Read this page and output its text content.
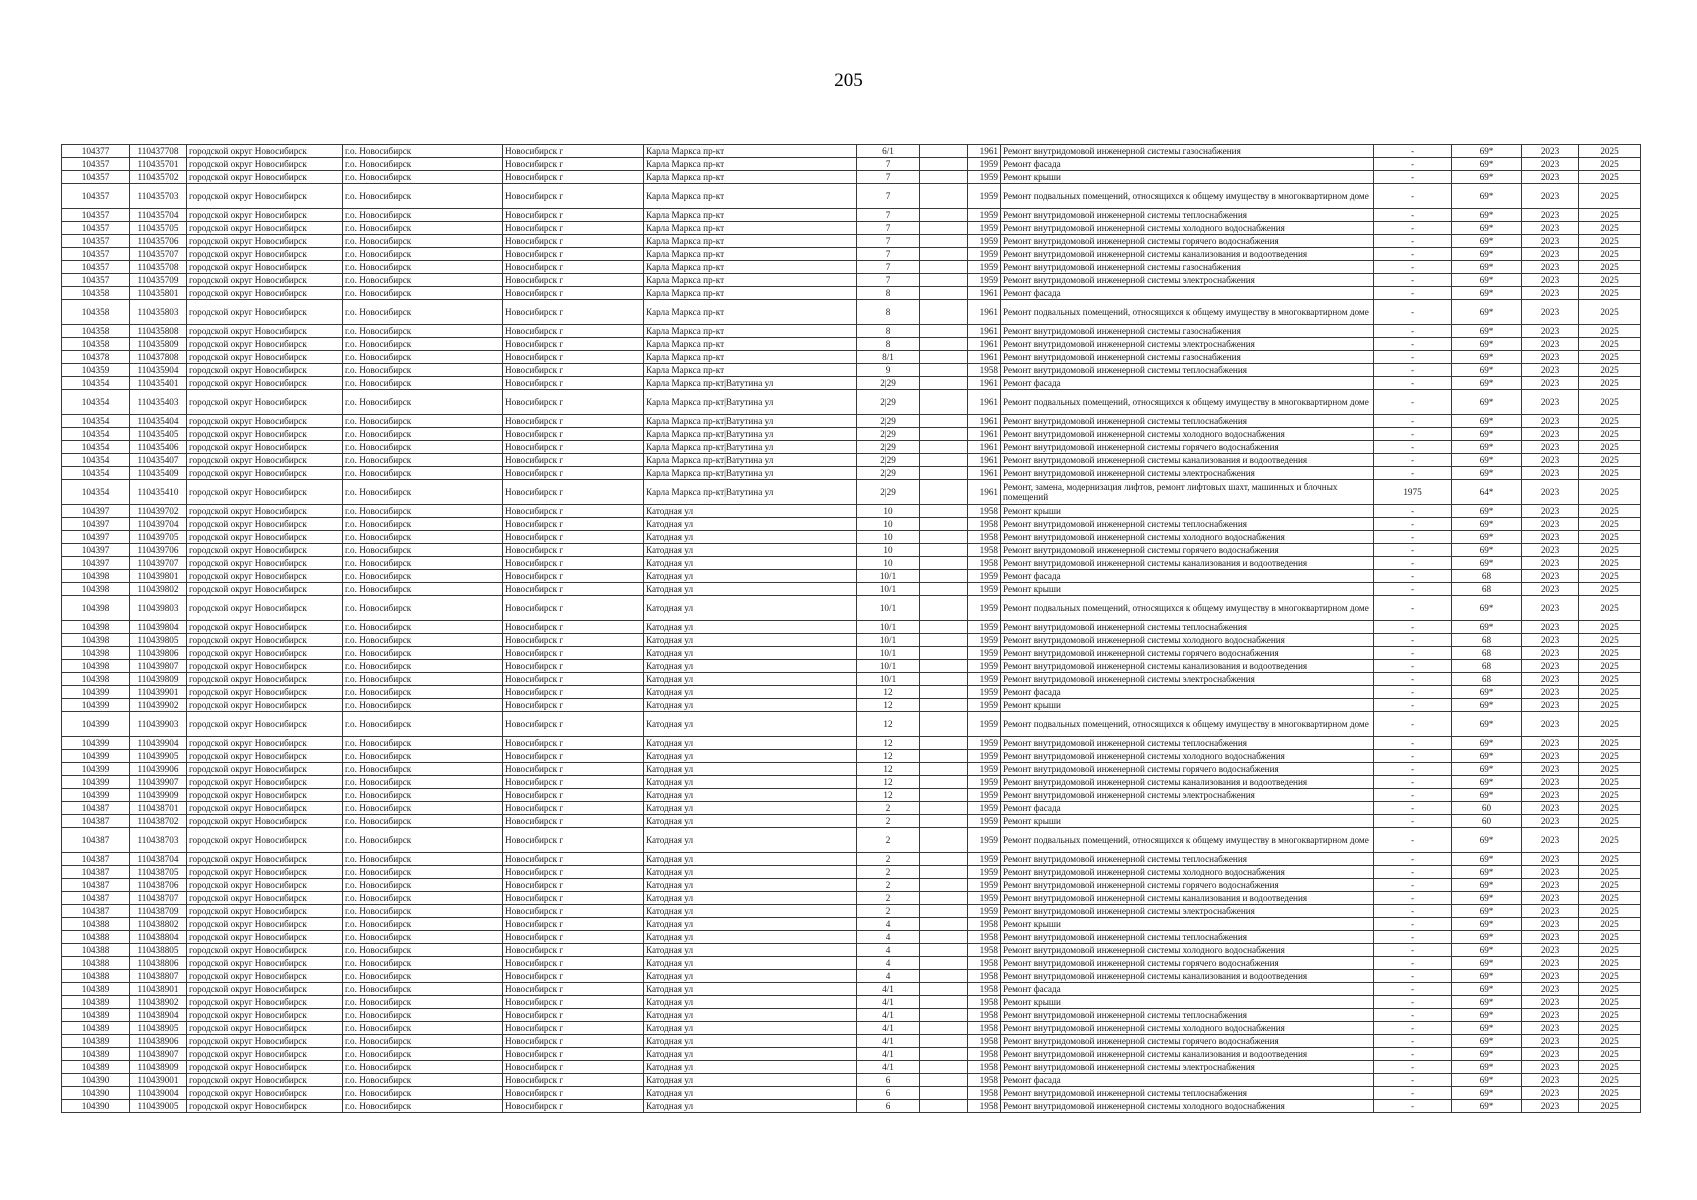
205
104377	110437708	городской округ Новосибирск	г.о. Новосибирск	Новосибирск г	Карла Маркса пр-кт	6/1		1961	Ремонт внутридомовой инженерной системы газоснабжения	-	69*	2023	2025
104357	110435701	городской округ Новосибирск	г.о. Новосибирск	Новосибирск г	Карла Маркса пр-кт	7		1959	Ремонт фасада	-	69*	2023	2025
104357	110435702	городской округ Новосибирск	г.о. Новосибирск	Новосибирск г	Карла Маркса пр-кт	7		1959	Ремонт крыши	-	69*	2023	2025
104357	110435703	городской округ Новосибирск	г.о. Новосибирск	Новосибирск г	Карла Маркса пр-кт	7		1959	Ремонт подвальных помещений, относящихся к общему имуществу в многоквартирном доме	-	69*	2023	2025
104357	110435704	городской округ Новосибирск	г.о. Новосибирск	Новосибирск г	Карла Маркса пр-кт	7		1959	Ремонт внутридомовой инженерной системы теплоснабжения	-	69*	2023	2025
104357	110435705	городской округ Новосибирск	г.о. Новосибирск	Новосибирск г	Карла Маркса пр-кт	7		1959	Ремонт внутридомовой инженерной системы холодного водоснабжения	-	69*	2023	2025
104357	110435706	городской округ Новосибирск	г.о. Новосибирск	Новосибирск г	Карла Маркса пр-кт	7		1959	Ремонт внутридомовой инженерной системы горячего водоснабжения	-	69*	2023	2025
104357	110435707	городской округ Новосибирск	г.о. Новосибирск	Новосибирск г	Карла Маркса пр-кт	7		1959	Ремонт внутридомовой инженерной системы канализования и водоотведения	-	69*	2023	2025
104357	110435708	городской округ Новосибирск	г.о. Новосибирск	Новосибирск г	Карла Маркса пр-кт	7		1959	Ремонт внутридомовой инженерной системы газоснабжения	-	69*	2023	2025
104357	110435709	городской округ Новосибирск	г.о. Новосибирск	Новосибирск г	Карла Маркса пр-кт	7		1959	Ремонт внутридомовой инженерной системы электроснабжения	-	69*	2023	2025
104358	110435801	городской округ Новосибирск	г.о. Новосибирск	Новосибирск г	Карла Маркса пр-кт	8		1961	Ремонт фасада	-	69*	2023	2025
104358	110435803	городской округ Новосибирск	г.о. Новосибирск	Новосибирск г	Карла Маркса пр-кт	8		1961	Ремонт подвальных помещений, относящихся к общему имуществу в многоквартирном доме	-	69*	2023	2025
104358	110435808	городской округ Новосибирск	г.о. Новосибирск	Новосибирск г	Карла Маркса пр-кт	8		1961	Ремонт внутридомовой инженерной системы газоснабжения	-	69*	2023	2025
104358	110435809	городской округ Новосибирск	г.о. Новосибирск	Новосибирск г	Карла Маркса пр-кт	8		1961	Ремонт внутридомовой инженерной системы электроснабжения	-	69*	2023	2025
104378	110437808	городской округ Новосибирск	г.о. Новосибирск	Новосибирск г	Карла Маркса пр-кт	8/1		1961	Ремонт внутридомовой инженерной системы газоснабжения	-	69*	2023	2025
104359	110435904	городской округ Новосибирск	г.о. Новосибирск	Новосибирск г	Карла Маркса пр-кт	9		1958	Ремонт внутридомовой инженерной системы теплоснабжения	-	69*	2023	2025
104354	110435401	городской округ Новосибирск	г.о. Новосибирск	Новосибирск г	Карла Маркса пр-кт|Ватутина ул	2|29		1961	Ремонт фасада	-	69*	2023	2025
104354	110435403	городской округ Новосибирск	г.о. Новосибирск	Новосибирск г	Карла Маркса пр-кт|Ватутина ул	2|29		1961	Ремонт подвальных помещений, относящихся к общему имуществу в многоквартирном доме	-	69*	2023	2025
104354	110435404	городской округ Новосибирск	г.о. Новосибирск	Новосибирск г	Карла Маркса пр-кт|Ватутина ул	2|29		1961	Ремонт внутридомовой инженерной системы теплоснабжения	-	69*	2023	2025
104354	110435405	городской округ Новосибирск	г.о. Новосибирск	Новосибирск г	Карла Маркса пр-кт|Ватутина ул	2|29		1961	Ремонт внутридомовой инженерной системы холодного водоснабжения	-	69*	2023	2025
104354	110435406	городской округ Новосибирск	г.о. Новосибирск	Новосибирск г	Карла Маркса пр-кт|Ватутина ул	2|29		1961	Ремонт внутридомовой инженерной системы горячего водоснабжения	-	69*	2023	2025
104354	110435407	городской округ Новосибирск	г.о. Новосибирск	Новосибирск г	Карла Маркса пр-кт|Ватутина ул	2|29		1961	Ремонт внутридомовой инженерной системы канализования и водоотведения	-	69*	2023	2025
104354	110435409	городской округ Новосибирск	г.о. Новосибирск	Новосибирск г	Карла Маркса пр-кт|Ватутина ул	2|29		1961	Ремонт внутридомовой инженерной системы электроснабжения	-	69*	2023	2025
104354	110435410	городской округ Новосибирск	г.о. Новосибирск	Новосибирск г	Карла Маркса пр-кт|Ватутина ул	2|29		1961	Ремонт, замена, модернизация лифтов, ремонт лифтовых шахт, машинных и блочных помещений	1975	64*	2023	2025
104397	110439702	городской округ Новосибирск	г.о. Новосибирск	Новосибирск г	Катодная ул	10		1958	Ремонт крыши	-	69*	2023	2025
104397	110439704	городской округ Новосибирск	г.о. Новосибирск	Новосибирск г	Катодная ул	10		1958	Ремонт внутридомовой инженерной системы теплоснабжения	-	69*	2023	2025
104397	110439705	городской округ Новосибирск	г.о. Новосибирск	Новосибирск г	Катодная ул	10		1958	Ремонт внутридомовой инженерной системы холодного водоснабжения	-	69*	2023	2025
104397	110439706	городской округ Новосибирск	г.о. Новосибирск	Новосибирск г	Катодная ул	10		1958	Ремонт внутридомовой инженерной системы горячего водоснабжения	-	69*	2023	2025
104397	110439707	городской округ Новосибирск	г.о. Новосибирск	Новосибирск г	Катодная ул	10		1958	Ремонт внутридомовой инженерной системы канализования и водоотведения	-	69*	2023	2025
104398	110439801	городской округ Новосибирск	г.о. Новосибирск	Новосибирск г	Катодная ул	10/1		1959	Ремонт фасада	-	68	2023	2025
104398	110439802	городской округ Новосибирск	г.о. Новосибирск	Новосибирск г	Катодная ул	10/1		1959	Ремонт крыши	-	68	2023	2025
104398	110439803	городской округ Новосибирск	г.о. Новосибирск	Новосибирск г	Катодная ул	10/1		1959	Ремонт подвальных помещений, относящихся к общему имуществу в многоквартирном доме	-	69*	2023	2025
104398	110439804	городской округ Новосибирск	г.о. Новосибирск	Новосибирск г	Катодная ул	10/1		1959	Ремонт внутридомовой инженерной системы теплоснабжения	-	69*	2023	2025
104398	110439805	городской округ Новосибирск	г.о. Новосибирск	Новосибирск г	Катодная ул	10/1		1959	Ремонт внутридомовой инженерной системы холодного водоснабжения	-	68	2023	2025
104398	110439806	городской округ Новосибирск	г.о. Новосибирск	Новосибирск г	Катодная ул	10/1		1959	Ремонт внутридомовой инженерной системы горячего водоснабжения	-	68	2023	2025
104398	110439807	городской округ Новосибирск	г.о. Новосибирск	Новосибирск г	Катодная ул	10/1		1959	Ремонт внутридомовой инженерной системы канализования и водоотведения	-	68	2023	2025
104398	110439809	городской округ Новосибирск	г.о. Новосибирск	Новосибирск г	Катодная ул	10/1		1959	Ремонт внутридомовой инженерной системы электроснабжения	-	68	2023	2025
104399	110439901	городской округ Новосибирск	г.о. Новосибирск	Новосибирск г	Катодная ул	12		1959	Ремонт фасада	-	69*	2023	2025
104399	110439902	городской округ Новосибирск	г.о. Новосибирск	Новосибирск г	Катодная ул	12		1959	Ремонт крыши	-	69*	2023	2025
104399	110439903	городской округ Новосибирск	г.о. Новосибирск	Новосибирск г	Катодная ул	12		1959	Ремонт подвальных помещений, относящихся к общему имуществу в многоквартирном доме	-	69*	2023	2025
104399	110439904	городской округ Новосибирск	г.о. Новосибирск	Новосибирск г	Катодная ул	12		1959	Ремонт внутридомовой инженерной системы теплоснабжения	-	69*	2023	2025
104399	110439905	городской округ Новосибирск	г.о. Новосибирск	Новосибирск г	Катодная ул	12		1959	Ремонт внутридомовой инженерной системы холодного водоснабжения	-	69*	2023	2025
104399	110439906	городской округ Новосибирск	г.о. Новосибирск	Новосибирск г	Катодная ул	12		1959	Ремонт внутридомовой инженерной системы горячего водоснабжения	-	69*	2023	2025
104399	110439907	городской округ Новосибирск	г.о. Новосибирск	Новосибирск г	Катодная ул	12		1959	Ремонт внутридомовой инженерной системы канализования и водоотведения	-	69*	2023	2025
104399	110439909	городской округ Новосибирск	г.о. Новосибирск	Новосибирск г	Катодная ул	12		1959	Ремонт внутридомовой инженерной системы электроснабжения	-	69*	2023	2025
104387	110438701	городской округ Новосибирск	г.о. Новосибирск	Новосибирск г	Катодная ул	2		1959	Ремонт фасада	-	60	2023	2025
104387	110438702	городской округ Новосибирск	г.о. Новосибирск	Новосибирск г	Катодная ул	2		1959	Ремонт крыши	-	60	2023	2025
104387	110438703	городской округ Новосибирск	г.о. Новосибирск	Новосибирск г	Катодная ул	2		1959	Ремонт подвальных помещений, относящихся к общему имуществу в многоквартирном доме	-	69*	2023	2025
104387	110438704	городской округ Новосибирск	г.о. Новосибирск	Новосибирск г	Катодная ул	2		1959	Ремонт внутридомовой инженерной системы теплоснабжения	-	69*	2023	2025
104387	110438705	городской округ Новосибирск	г.о. Новосибирск	Новосибирск г	Катодная ул	2		1959	Ремонт внутридомовой инженерной системы холодного водоснабжения	-	69*	2023	2025
104387	110438706	городской округ Новосибирск	г.о. Новосибирск	Новосибирск г	Катодная ул	2		1959	Ремонт внутридомовой инженерной системы горячего водоснабжения	-	69*	2023	2025
104387	110438707	городской округ Новосибирск	г.о. Новосибирск	Новосибирск г	Катодная ул	2		1959	Ремонт внутридомовой инженерной системы канализования и водоотведения	-	69*	2023	2025
104387	110438709	городской округ Новосибирск	г.о. Новосибирск	Новосибирск г	Катодная ул	2		1959	Ремонт внутридомовой инженерной системы электроснабжения	-	69*	2023	2025
104388	110438802	городской округ Новосибирск	г.о. Новосибирск	Новосибирск г	Катодная ул	4		1958	Ремонт крыши	-	69*	2023	2025
104388	110438804	городской округ Новосибирск	г.о. Новосибирск	Новосибирск г	Катодная ул	4		1958	Ремонт внутридомовой инженерной системы теплоснабжения	-	69*	2023	2025
104388	110438805	городской округ Новосибирск	г.о. Новосибирск	Новосибирск г	Катодная ул	4		1958	Ремонт внутридомовой инженерной системы холодного водоснабжения	-	69*	2023	2025
104388	110438806	городской округ Новосибирск	г.о. Новосибирск	Новосибирск г	Катодная ул	4		1958	Ремонт внутридомовой инженерной системы горячего водоснабжения	-	69*	2023	2025
104388	110438807	городской округ Новосибирск	г.о. Новосибирск	Новосибирск г	Катодная ул	4		1958	Ремонт внутридомовой инженерной системы канализования и водоотведения	-	69*	2023	2025
104389	110438901	городской округ Новосибирск	г.о. Новосибирск	Новосибирск г	Катодная ул	4/1		1958	Ремонт фасада	-	69*	2023	2025
104389	110438902	городской округ Новосибирск	г.о. Новосибирск	Новосибирск г	Катодная ул	4/1		1958	Ремонт крыши	-	69*	2023	2025
104389	110438904	городской округ Новосибирск	г.о. Новосибирск	Новосибирск г	Катодная ул	4/1		1958	Ремонт внутридомовой инженерной системы теплоснабжения	-	69*	2023	2025
104389	110438905	городской округ Новосибирск	г.о. Новосибирск	Новосибирск г	Катодная ул	4/1		1958	Ремонт внутридомовой инженерной системы холодного водоснабжения	-	69*	2023	2025
104389	110438906	городской округ Новосибирск	г.о. Новосибирск	Новосибирск г	Катодная ул	4/1		1958	Ремонт внутридомовой инженерной системы горячего водоснабжения	-	69*	2023	2025
104389	110438907	городской округ Новосибирск	г.о. Новосибирск	Новосибирск г	Катодная ул	4/1		1958	Ремонт внутридомовой инженерной системы канализования и водоотведения	-	69*	2023	2025
104389	110438909	городской округ Новосибирск	г.о. Новосибирск	Новосибирск г	Катодная ул	4/1		1958	Ремонт внутридомовой инженерной системы электроснабжения	-	69*	2023	2025
104390	110439001	городской округ Новосибирск	г.о. Новосибирск	Новосибирск г	Катодная ул	6		1958	Ремонт фасада	-	69*	2023	2025
104390	110439004	городской округ Новосибирск	г.о. Новосибирск	Новосибирск г	Катодная ул	6		1958	Ремонт внутридомовой инженерной системы теплоснабжения	-	69*	2023	2025
104390	110439005	городской округ Новосибирск	г.о. Новосибирск	Новосибирск г	Катодная ул	6		1958	Ремонт внутридомовой инженерной системы холодного водоснабжения	-	69*	2023	2025
